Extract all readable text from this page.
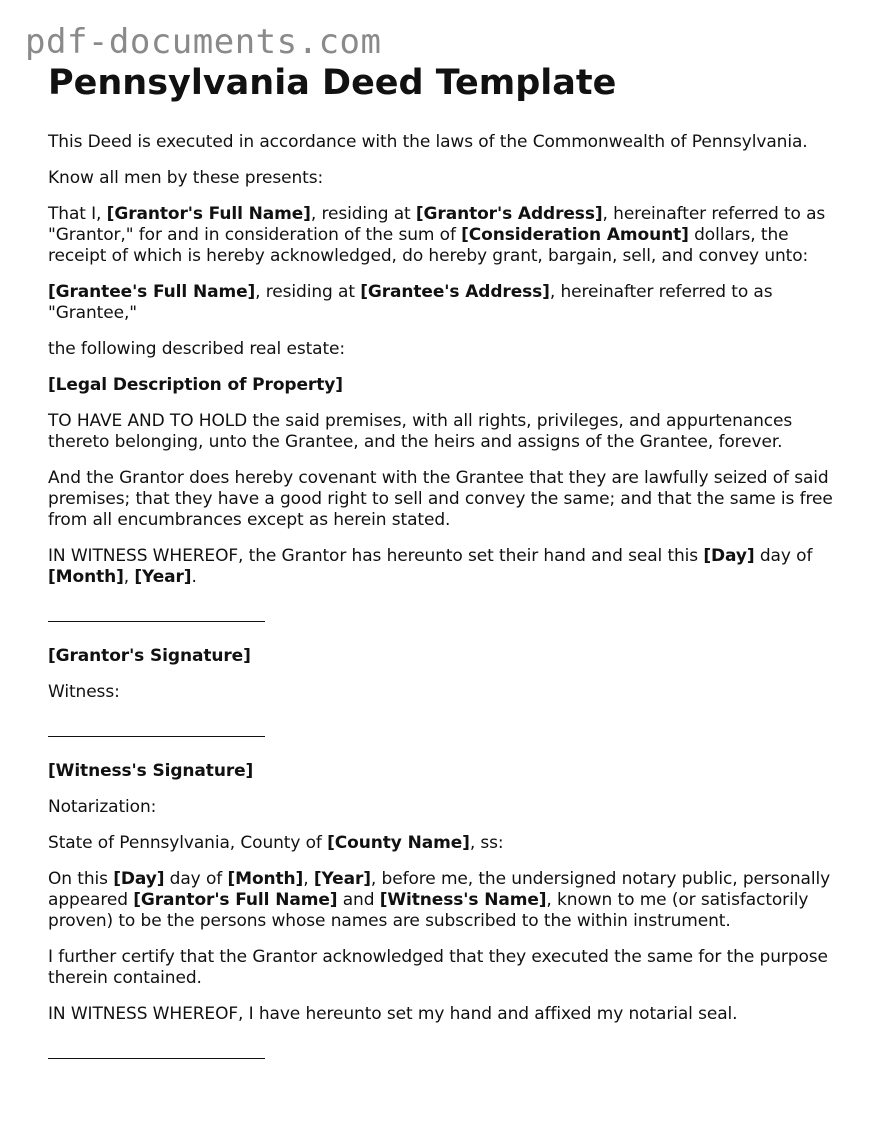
pdf-documents.com
Pennsylvania Deed Template

This Deed is executed in accordance with the laws of the Commonwealth of Pennsylvania.

Know all men by these presents:

That I, [Grantor's Full Name], residing at [Grantor's Address], hereinafter referred to as "Grantor," for and in consideration of the sum of [Consideration Amount] dollars, the receipt of which is hereby acknowledged, do hereby grant, bargain, sell, and convey unto:

[Grantee's Full Name], residing at [Grantee's Address], hereinafter referred to as "Grantee,"

the following described real estate:

[Legal Description of Property]

TO HAVE AND TO HOLD the said premises, with all rights, privileges, and appurtenances thereto belonging, unto the Grantee, and the heirs and assigns of the Grantee, forever.

And the Grantor does hereby covenant with the Grantee that they are lawfully seized of said premises; that they have a good right to sell and convey the same; and that the same is free from all encumbrances except as herein stated.

IN WITNESS WHEREOF, the Grantor has hereunto set their hand and seal this [Day] day of [Month], [Year].

[Grantor's Signature]

Witness:

[Witness's Signature]

Notarization:

State of Pennsylvania, County of [County Name], ss:

On this [Day] day of [Month], [Year], before me, the undersigned notary public, personally appeared [Grantor's Full Name] and [Witness's Name], known to me (or satisfactorily proven) to be the persons whose names are subscribed to the within instrument.

I further certify that the Grantor acknowledged that they executed the same for the purpose therein contained.

IN WITNESS WHEREOF, I have hereunto set my hand and affixed my notarial seal.
